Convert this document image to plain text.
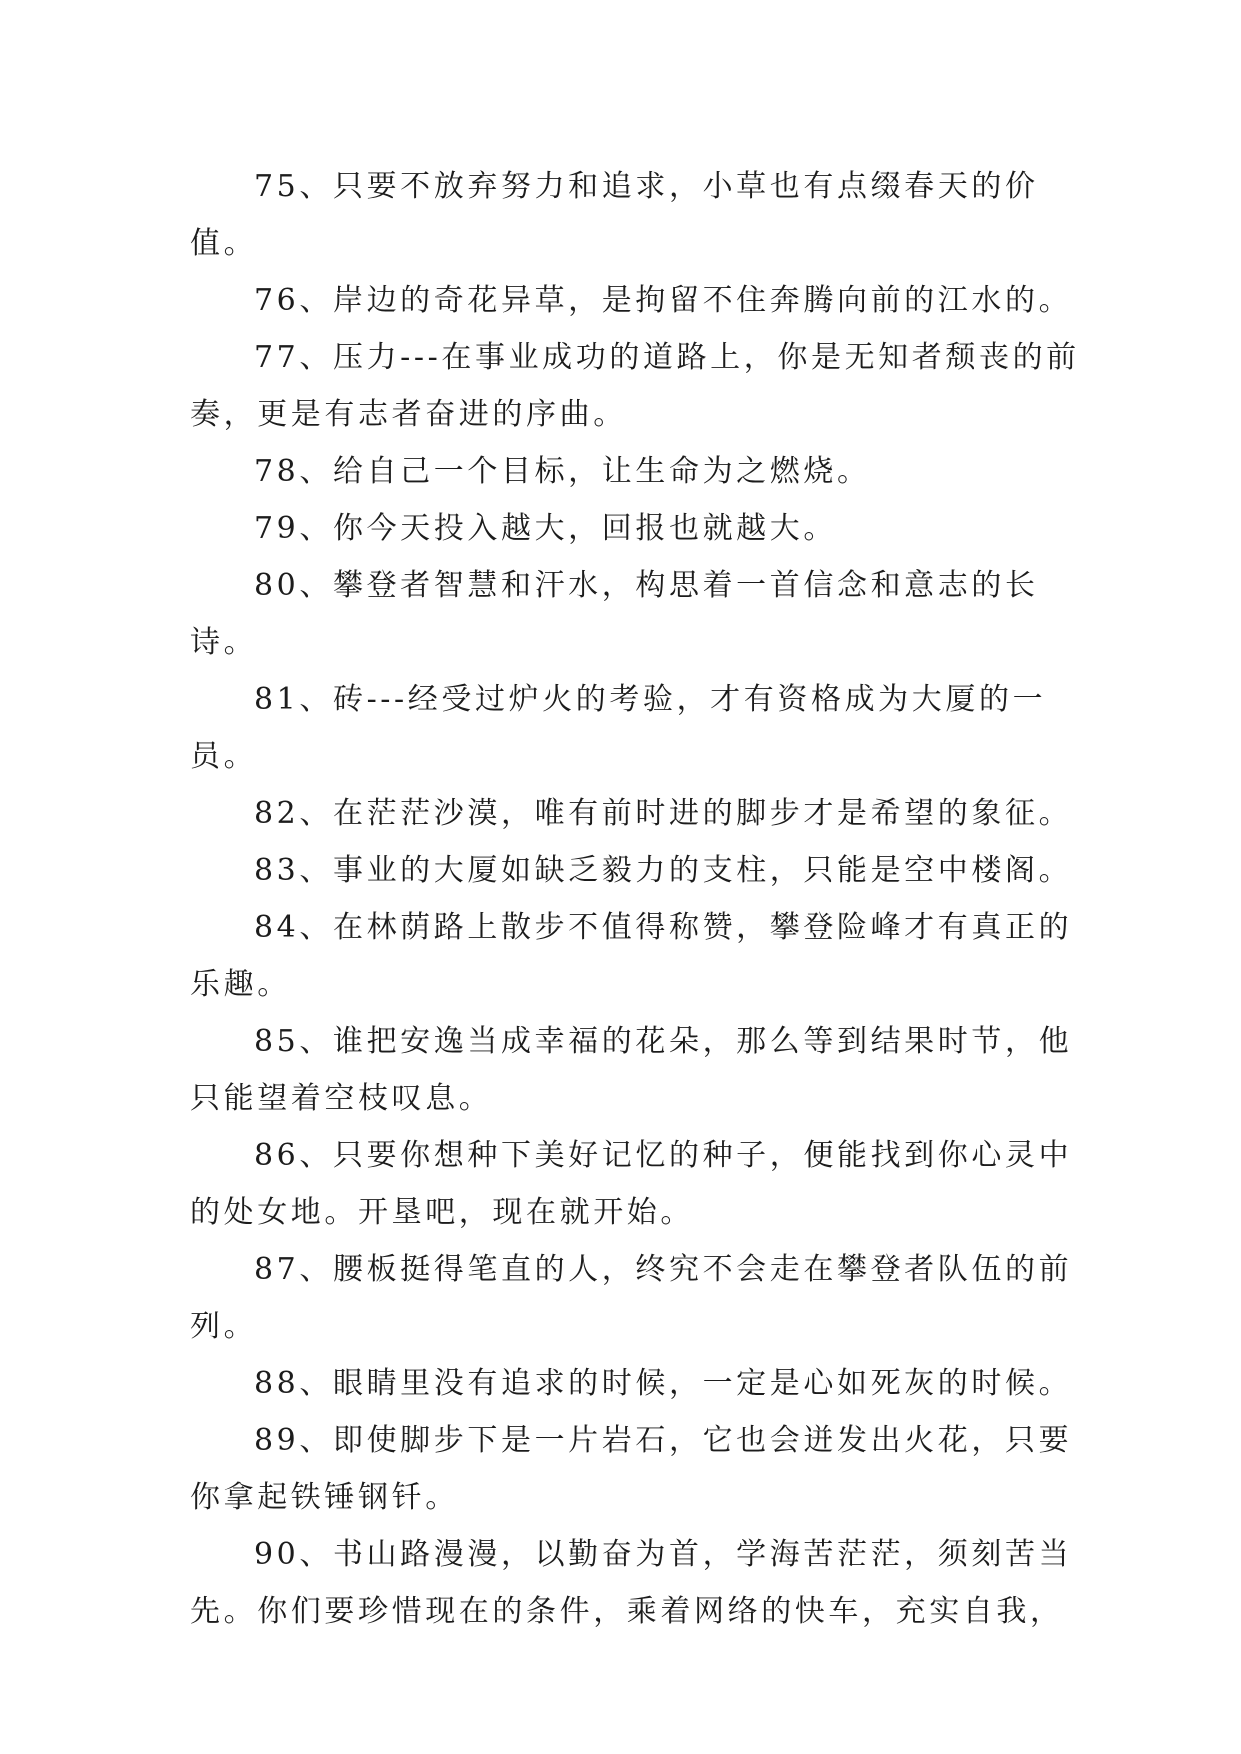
75、只要不放弃努力和追求，小草也有点缀春天的价值。

76、岸边的奇花异草，是拘留不住奔腾向前的江水的。

77、压力---在事业成功的道路上，你是无知者颓丧的前奏，更是有志者奋进的序曲。

78、给自己一个目标，让生命为之燃烧。

79、你今天投入越大，回报也就越大。

80、攀登者智慧和汗水，构思着一首信念和意志的长诗。

81、砖---经受过炉火的考验，才有资格成为大厦的一员。

82、在茫茫沙漠，唯有前时进的脚步才是希望的象征。

83、事业的大厦如缺乏毅力的支柱，只能是空中楼阁。

84、在林荫路上散步不值得称赞，攀登险峰才有真正的乐趣。

85、谁把安逸当成幸福的花朵，那么等到结果时节，他只能望着空枝叹息。

86、只要你想种下美好记忆的种子，便能找到你心灵中的处女地。开垦吧，现在就开始。

87、腰板挺得笔直的人，终究不会走在攀登者队伍的前列。

88、眼睛里没有追求的时候，一定是心如死灰的时候。

89、即使脚步下是一片岩石，它也会迸发出火花，只要你拿起铁锤钢钎。

90、书山路漫漫，以勤奋为首，学海苦茫茫，须刻苦当先。你们要珍惜现在的条件，乘着网络的快车，充实自我，
